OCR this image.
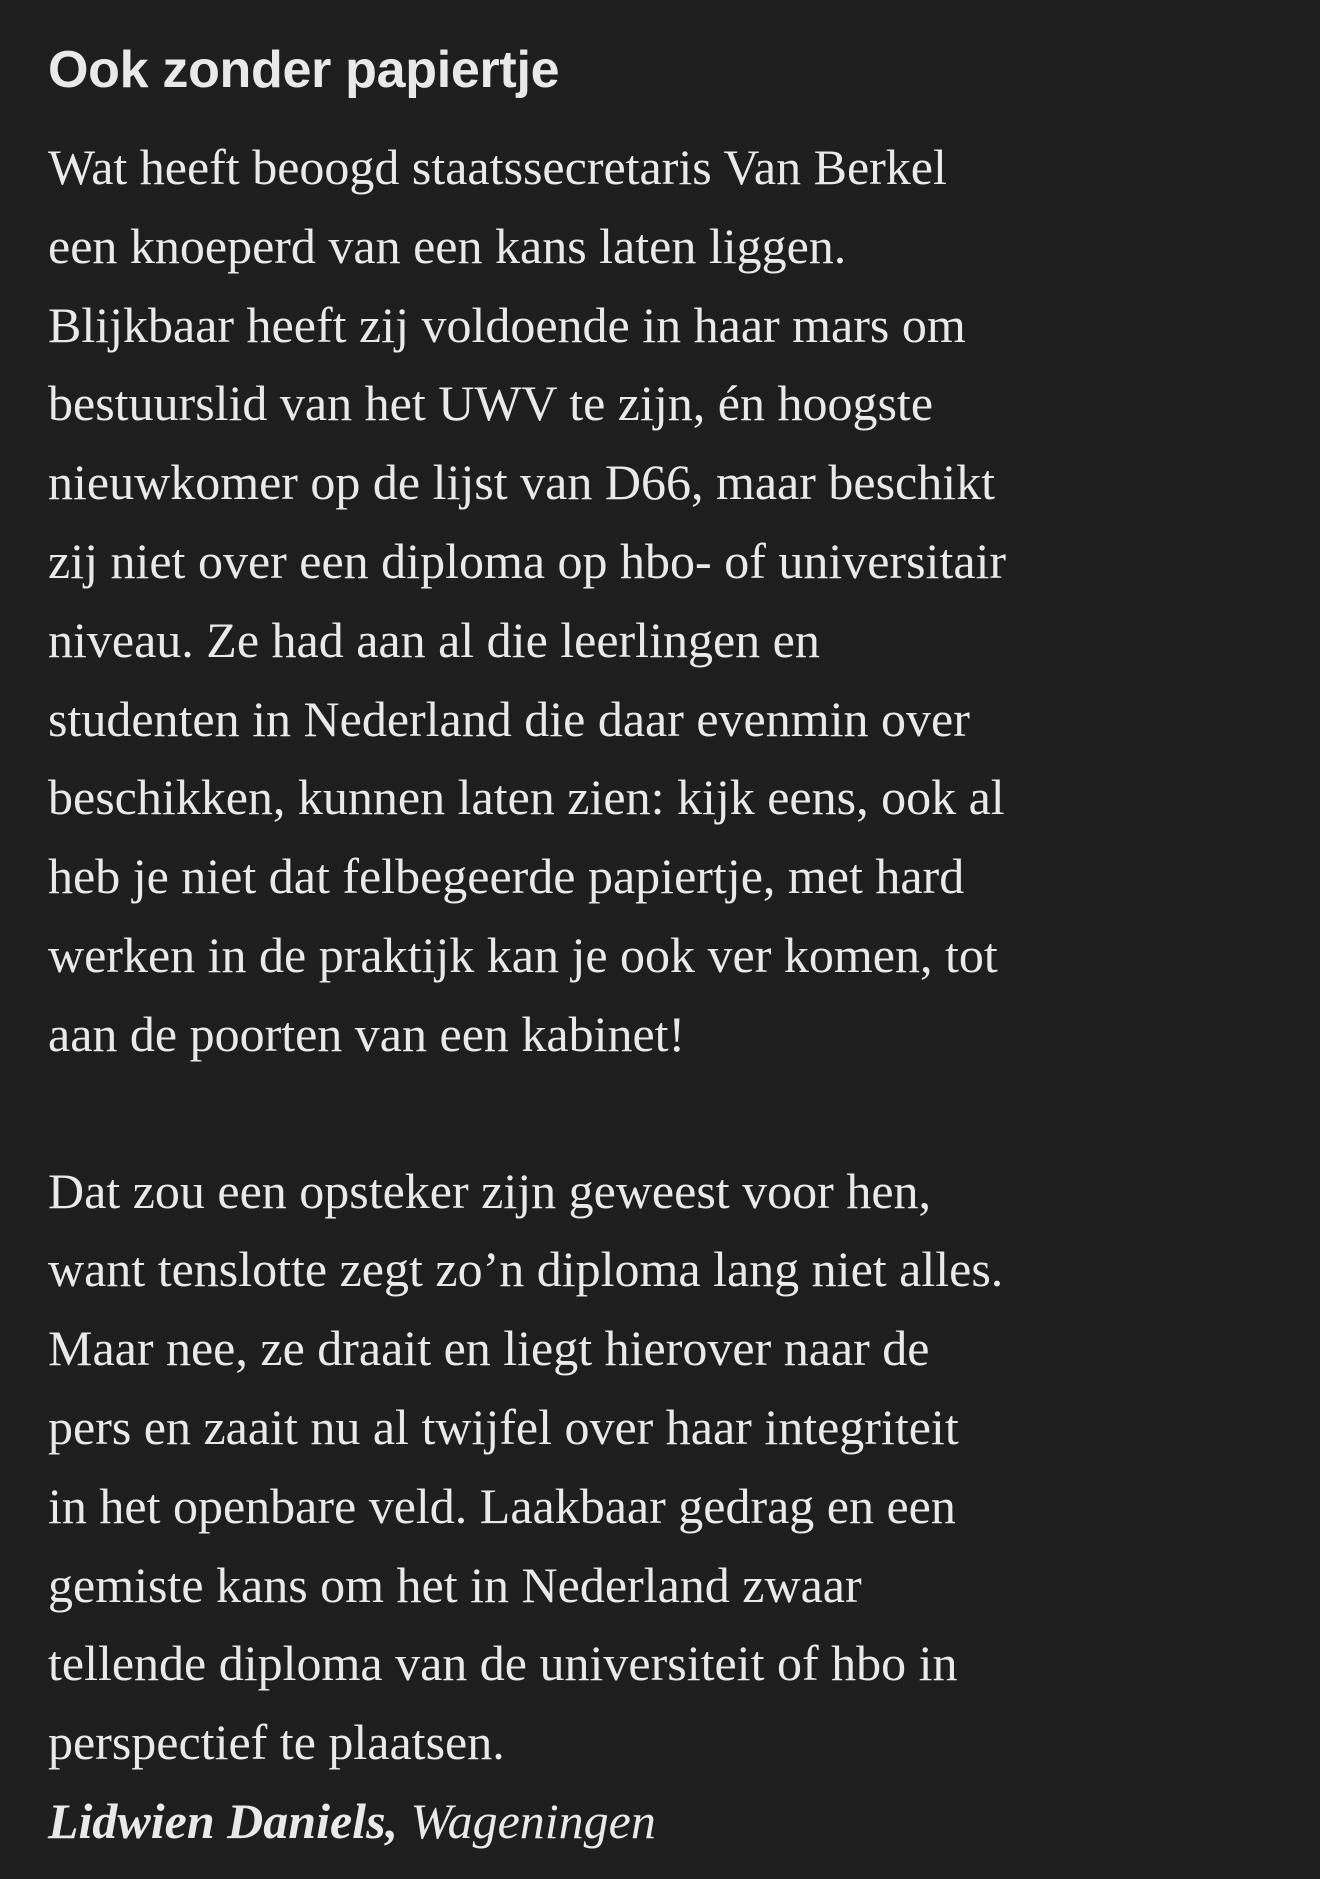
Ook zonder papiertje

Wat heeft beoogd staatssecretaris Van Berkel
een knoeperd van een kans laten liggen.
Blijkbaar heeft zij voldoende in haar mars om
bestuurslid van het UWV te zijn, én hoogste
nieuwkomer op de lijst van D66, maar beschikt
zij niet over een diploma op hbo- of universitair
niveau. Ze had aan al die leerlingen en
studenten in Nederland die daar evenmin over
beschikken, kunnen laten zien: kijk eens, ook al
heb je niet dat felbegeerde papiertje, met hard
werken in de praktijk kan je ook ver komen, tot
aan de poorten van een kabinet!

Dat zou een opsteker zijn geweest voor hen,
want tenslotte zegt zo’n diploma lang niet alles.
Maar nee, ze draait en liegt hierover naar de
pers en zaait nu al twijfel over haar integriteit
in het openbare veld. Laakbaar gedrag en een
gemiste kans om het in Nederland zwaar
tellende diploma van de universiteit of hbo in
perspectief te plaatsen.

Lidwien Daniels, Wageningen
